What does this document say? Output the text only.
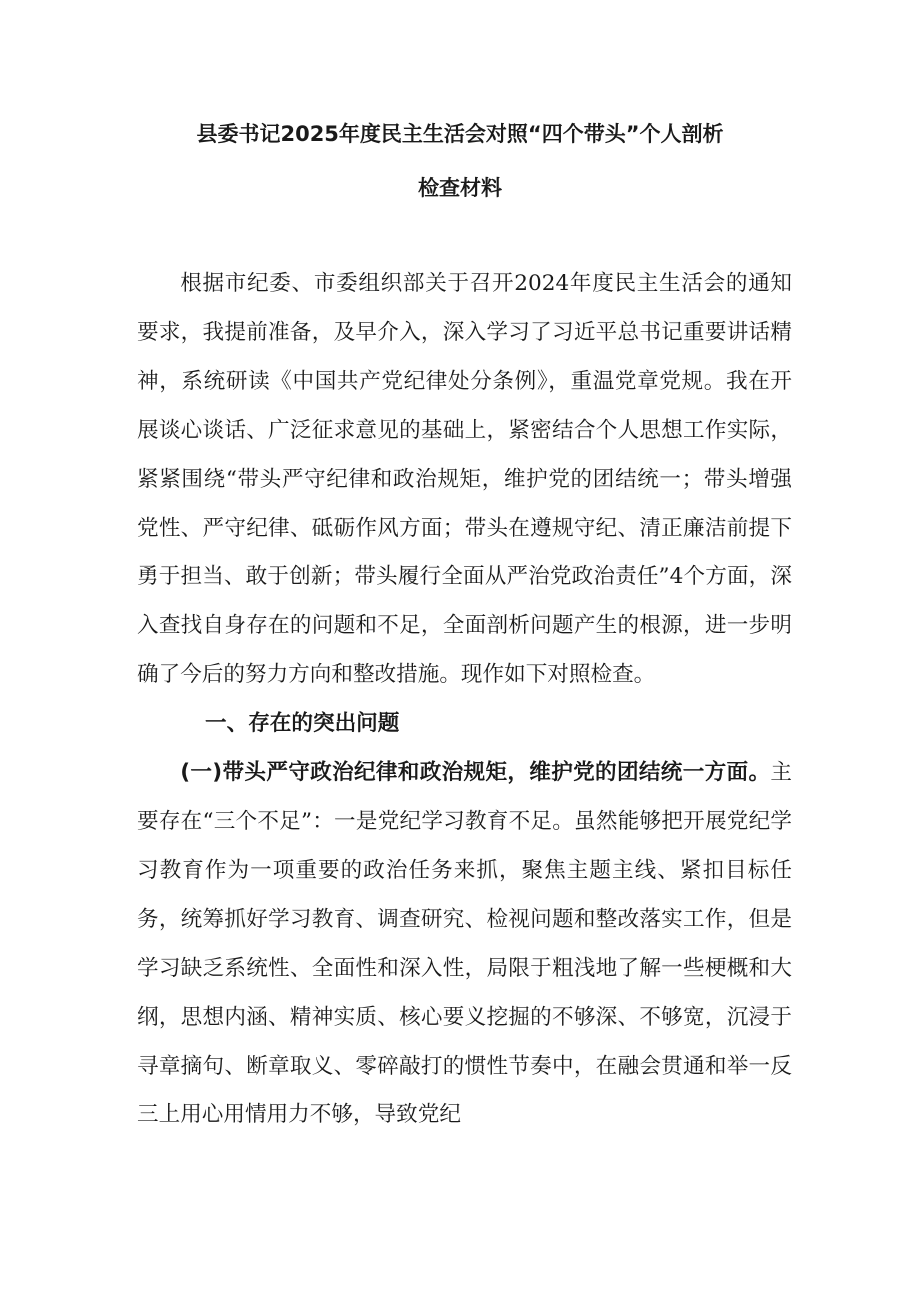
县委书记2025年度民主生活会对照“四个带头”个人剖析
检查材料

根据市纪委、市委组织部关于召开2024年度民主生活会的通知要求，我提前准备，及早介入，深入学习了习近平总书记重要讲话精神，系统研读《中国共产党纪律处分条例》，重温党章党规。我在开展谈心谈话、广泛征求意见的基础上，紧密结合个人思想工作实际，紧紧围绕“带头严守纪律和政治规矩，维护党的团结统一；带头增强党性、严守纪律、砥砺作风方面；带头在遵规守纪、清正廉洁前提下勇于担当、敢于创新；带头履行全面从严治党政治责任”4个方面，深入查找自身存在的问题和不足，全面剖析问题产生的根源，进一步明确了今后的努力方向和整改措施。现作如下对照检查。

一、存在的突出问题

(一)带头严守政治纪律和政治规矩，维护党的团结统一方面。主要存在“三个不足”：一是党纪学习教育不足。虽然能够把开展党纪学习教育作为一项重要的政治任务来抓，聚焦主题主线、紧扣目标任务，统筹抓好学习教育、调查研究、检视问题和整改落实工作，但是学习缺乏系统性、全面性和深入性，局限于粗浅地了解一些梗概和大纲，思想内涵、精神实质、核心要义挖掘的不够深、不够宽，沉浸于寻章摘句、断章取义、零碎敲打的惯性节奏中，在融会贯通和举一反三上用心用情用力不够，导致党纪
